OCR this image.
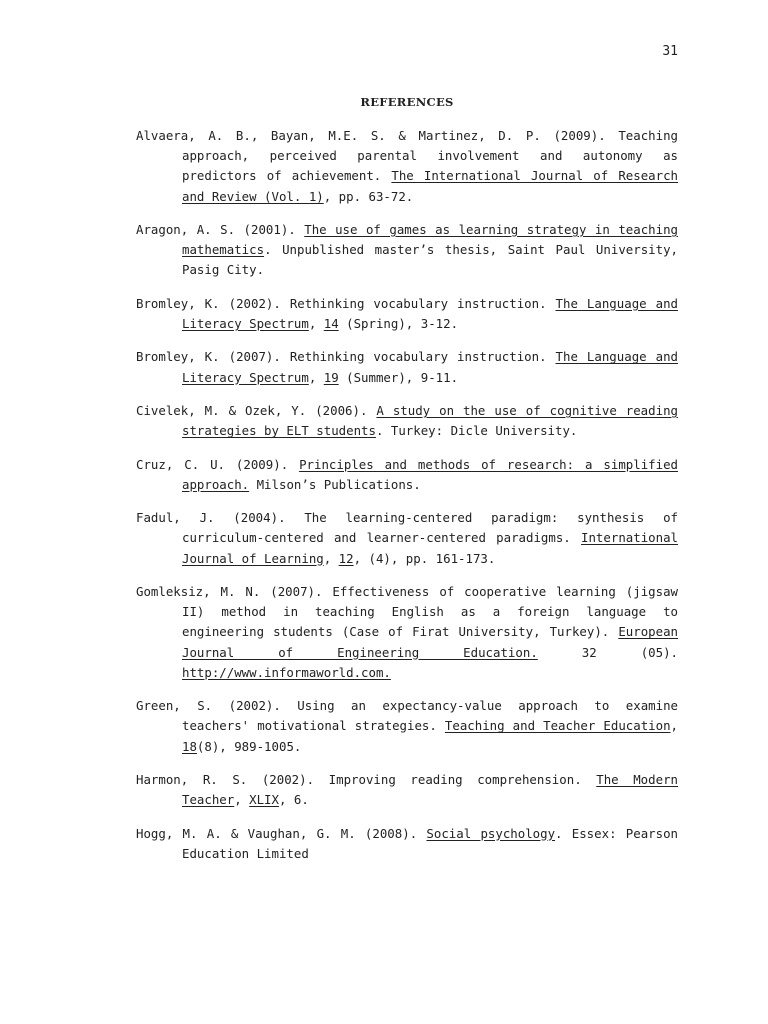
31
REFERENCES
Alvaera, A. B., Bayan, M.E. S. & Martinez, D. P. (2009). Teaching approach, perceived parental involvement and autonomy as predictors of achievement. The International Journal of Research and Review (Vol. 1), pp. 63-72.
Aragon, A. S. (2001). The use of games as learning strategy in teaching mathematics. Unpublished master’s thesis, Saint Paul University, Pasig City.
Bromley, K. (2002). Rethinking vocabulary instruction. The Language and Literacy Spectrum, 14 (Spring), 3-12.
Bromley, K. (2007). Rethinking vocabulary instruction. The Language and Literacy Spectrum, 19 (Summer), 9-11.
Civelek, M. & Ozek, Y. (2006). A study on the use of cognitive reading strategies by ELT students. Turkey: Dicle University.
Cruz, C. U. (2009). Principles and methods of research: a simplified approach. Milson’s Publications.
Fadul, J. (2004). The learning-centered paradigm: synthesis of curriculum-centered and learner-centered paradigms. International Journal of Learning, 12, (4), pp. 161-173.
Gomleksiz, M. N. (2007). Effectiveness of cooperative learning (jigsaw II) method in teaching English as a foreign language to engineering students (Case of Firat University, Turkey). European Journal of Engineering Education. 32 (05). http://www.informaworld.com.
Green, S. (2002). Using an expectancy-value approach to examine teachers' motivational strategies. Teaching and Teacher Education, 18(8), 989-1005.
Harmon, R. S. (2002). Improving reading comprehension. The Modern Teacher, XLIX, 6.
Hogg, M. A. & Vaughan, G. M. (2008). Social psychology. Essex: Pearson Education Limited
